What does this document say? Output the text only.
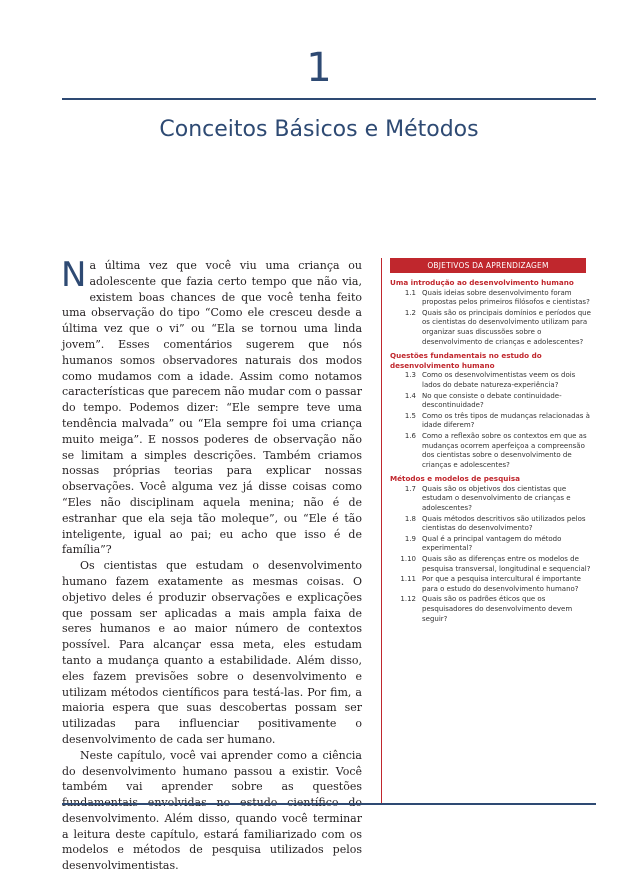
1
Conceitos Básicos e Métodos

Na última vez que você viu uma criança ou adolescente que fazia certo tempo que não via, existem boas chances de que você tenha feito uma observação do tipo “Como ele cresceu desde a última vez que o vi” ou “Ela se tornou uma linda jovem”. Esses comentários sugerem que nós humanos somos observadores naturais dos modos como mudamos com a idade. Assim como notamos características que parecem não mudar com o passar do tempo. Podemos dizer: “Ele sempre teve uma tendência malvada” ou “Ela sempre foi uma criança muito meiga”. E nossos poderes de observação não se limitam a simples descrições. Também criamos nossas próprias teorias para explicar nossas observações. Você alguma vez já disse coisas como “Eles não disciplinam aquela menina; não é de estranhar que ela seja tão moleque”, ou “Ele é tão inteligente, igual ao pai; eu acho que isso é de família”?

Os cientistas que estudam o desenvolvimento humano fazem exatamente as mesmas coisas. O objetivo deles é produzir observações e explicações que possam ser aplicadas a mais ampla faixa de seres humanos e ao maior número de contextos possível. Para alcançar essa meta, eles estudam tanto a mudança quanto a estabilidade. Além disso, eles fazem previsões sobre o desenvolvimento e utilizam métodos científicos para testá-las. Por fim, a maioria espera que suas descobertas possam ser utilizadas para influenciar positivamente o desenvolvimento de cada ser humano.

Neste capítulo, você vai aprender como a ciência do desenvolvimento humano passou a existir. Você também vai aprender sobre as questões desenvolvimento. Além disso, quando você terminar a leitura deste capítulo, estará familiarizado com os modelos e métodos de pesquisa utilizados pelos desenvolvimentistas.

OBJETIVOS DA APRENDIZAGEM
Uma introdução ao desenvolvimento humano
1.1 Quais ideias sobre desenvolvimento foram propostas pelos primeiros filósofos e cientistas?
1.2 Quais são os principais domínios e períodos que os cientistas do desenvolvimento utilizam para organizar suas discussões sobre o desenvolvimento de crianças e adolescentes?
Questões fundamentais no estudo do desenvolvimento humano
1.3 Como os desenvolvimentistas veem os dois lados do debate natureza-experiência?
1.4 No que consiste o debate continuidade-descontinuidade?
1.5 Como os três tipos de mudanças relacionadas à idade diferem?
1.6 Como a reflexão sobre os contextos em que as mudanças ocorrem aperfeiçoa a compreensão dos cientistas sobre o desenvolvimento de crianças e adolescentes?
Métodos e modelos de pesquisa
1.7 Quais são os objetivos dos cientistas que estudam o desenvolvimento de crianças e adolescentes?
1.8 Quais métodos descritivos são utilizados pelos cientistas do desenvolvimento?
1.9 Qual é a principal vantagem do método experimental?
1.10 Quais são as diferenças entre os modelos de pesquisa transversal, longitudinal e sequencial?
1.11 Por que a pesquisa intercultural é importante para o estudo do desenvolvimento humano?
1.12 Quais são os padrões éticos que os pesquisadores do desenvolvimento devem seguir?
